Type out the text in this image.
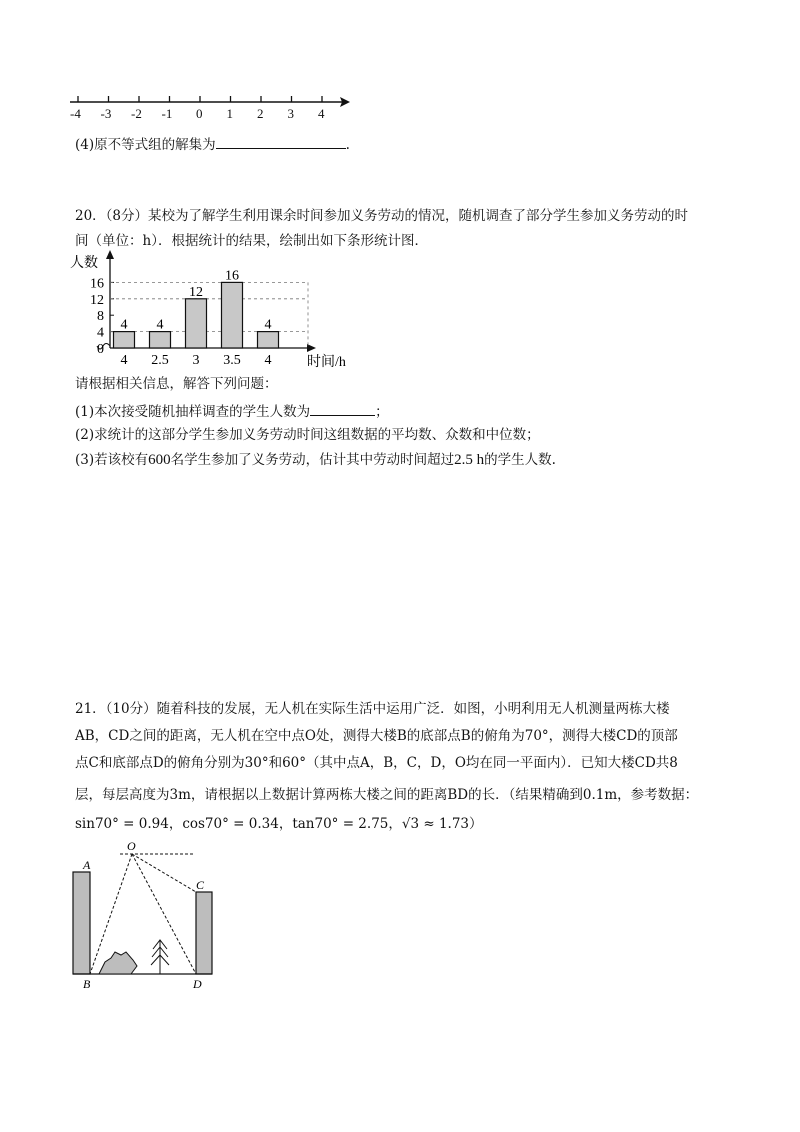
-4 -3 -2 -1 0 1 2 3 4
(4)原不等式组的解集为	.
20．（8分）某校为了解学生利用课余时间参加义务劳动的情况，随机调查了部分学生参加义务劳动的时
间（单位：h）．根据统计的结果，绘制出如下条形统计图．
0
4
8
12
16
4
4
4
2.5
12
3
16
3.5
4
4
人数
时间/h
请根据相关信息，解答下列问题：
(1)本次接受随机抽样调查的学生人数为	；
(2)求统计的这部分学生参加义务劳动时间这组数据的平均数、众数和中位数；
(3)若该校有600名学生参加了义务劳动，估计其中劳动时间超过2.5 h的学生人数.
21．（10分）随着科技的发展，无人机在实际生活中运用广泛．如图，小明利用无人机测量两栋大楼
AB，CD之间的距离，无人机在空中点O处，测得大楼B的底部点B的俯角为70°，测得大楼CD的顶部
点C和底部点D的俯角分别为30°和60°（其中点A，B，C，D，O均在同一平面内）．已知大楼CD共8
层，每层高度为3m，请根据以上数据计算两栋大楼之间的距离BD的长．（结果精确到0.1m，参考数据：
sin70° = 0.94，cos70° = 0.34，tan70° = 2.75，√3 ≈ 1.73）
O
A
B
C
D
